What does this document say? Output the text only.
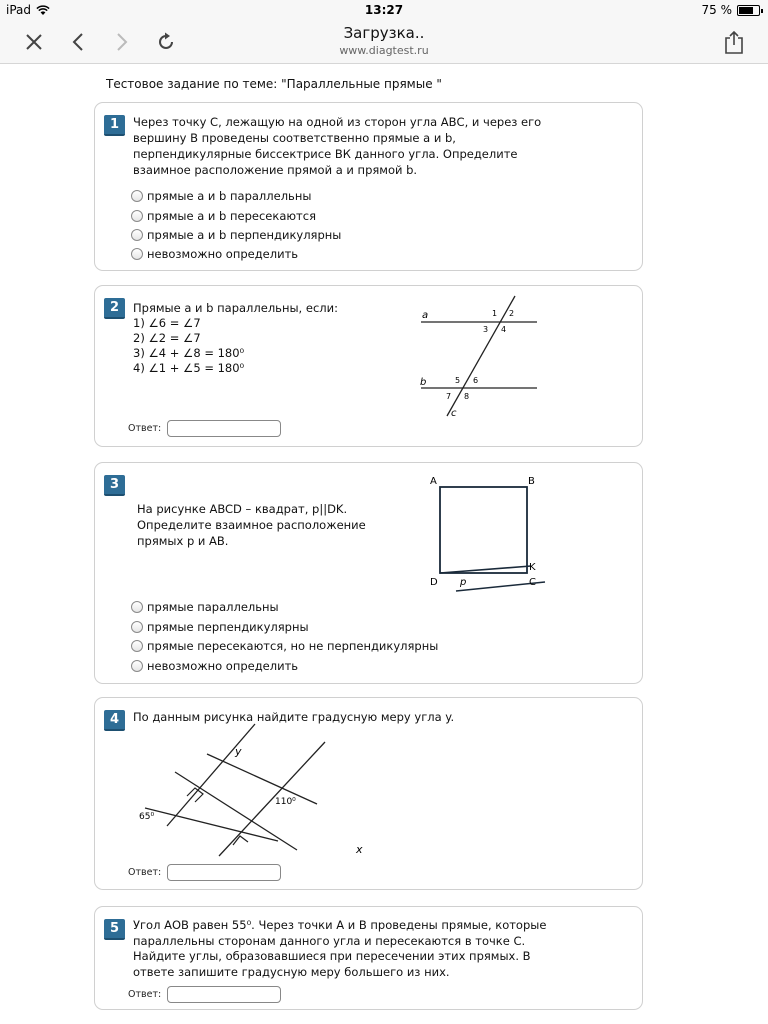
iPad	13:27	75 %
Загрузка..
www.diagtest.ru
Тестовое задание по теме: "Параллельные прямые "
1	Через точку С, лежащую на одной из сторон угла АВС, и через его
вершину В проведены соответственно прямые a и b,
перпендикулярные биссектрисе ВК данного угла. Определите
взаимное расположение прямой a и прямой b.
прямые a и b параллельны
прямые a и b пересекаются
прямые a и b перпендикулярны
невозможно определить
2	Прямые a и b параллельны, если:
1) ∠6 = ∠7
2) ∠2 = ∠7
3) ∠4 + ∠8 = 180⁰
4) ∠1 + ∠5 = 180⁰
a
b
c
1 2
3 4
5 6
7 8
Ответ:
3
На рисунке ABCD – квадрат, p||DK.
Определите взаимное расположение
прямых p и AB.
A	B
D	C
K
p
прямые параллельны
прямые перпендикулярны
прямые пересекаются, но не перпендикулярны
невозможно определить
4	По данным рисунка найдите градусную меру угла y.
y
x
110⁰
65⁰
Ответ:
5	Угол АОВ равен 55⁰. Через точки А и В проведены прямые, которые
параллельны сторонам данного угла и пересекаются в точке С.
Найдите углы, образовавшиеся при пересечении этих прямых. В
ответе запишите градусную меру большего из них.
Ответ:
